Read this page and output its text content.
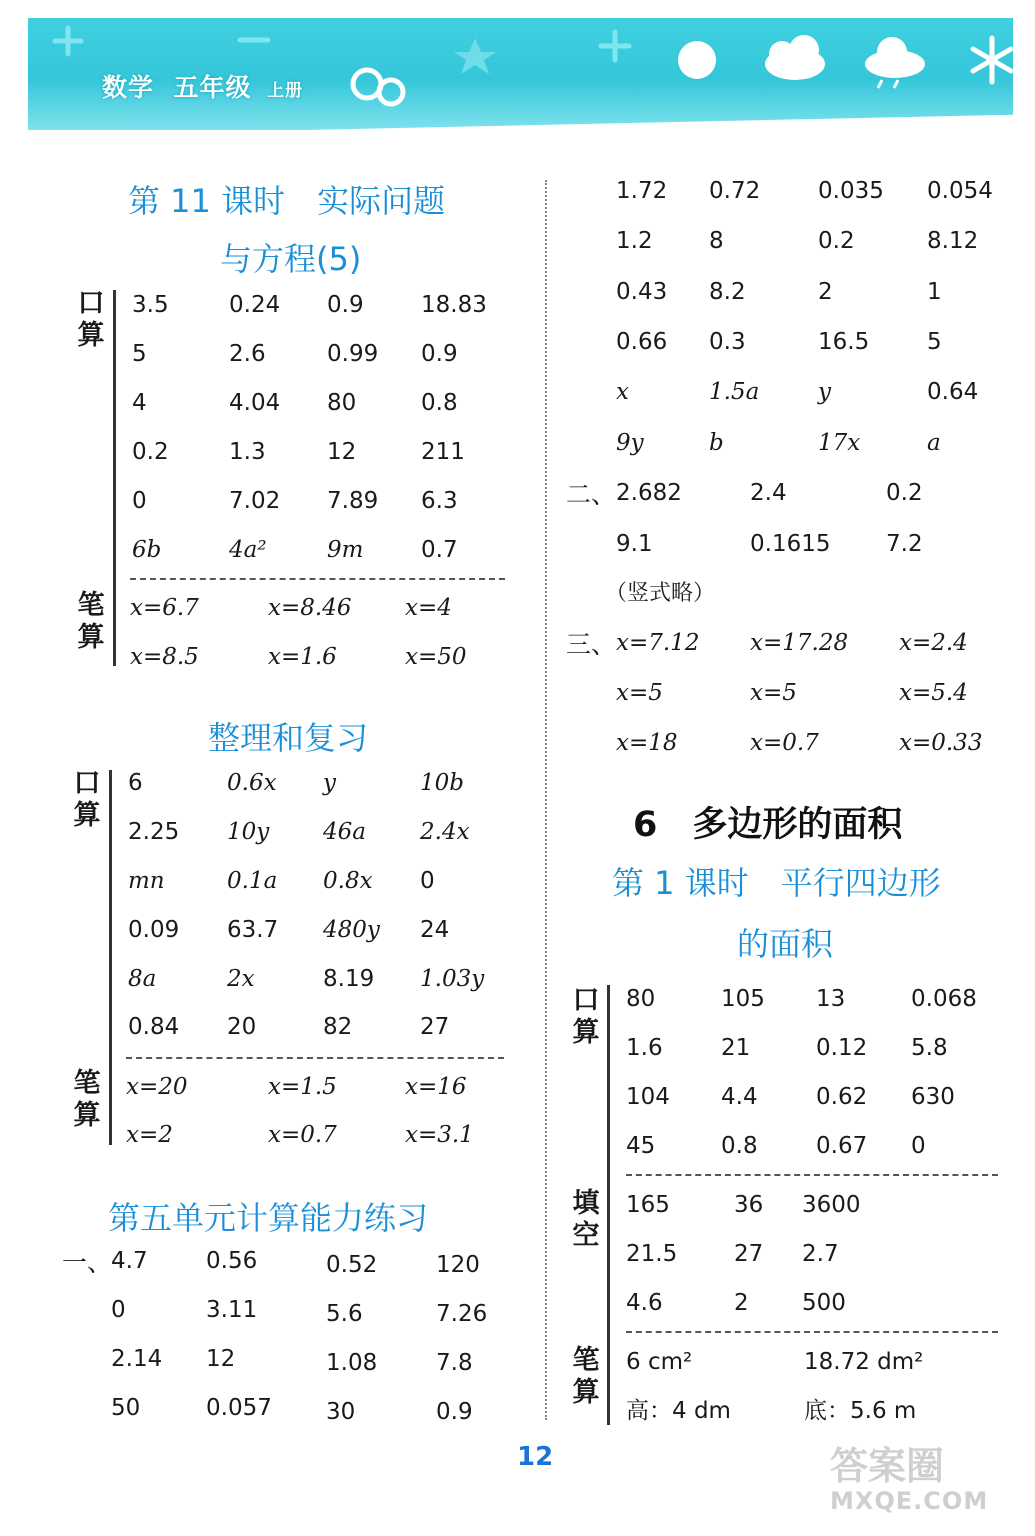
数学 五年级 上册
第 11 课时　实际问题
与方程(5)
口算
3.5	0.24 0.9 18.83
5	2.6	0.99 0.9
4	4.04 80	0.8
0.2	1.3	12	211
0	7.02 7.89 6.3
6b	4a²	9m	0.7
笔算
x=6.7	x=8.46 x=4
x=8.5	x=1.6	x=50
整理和复习
口算
6	0.6x y	10b
2.25 10y 46a 2.4x
mn	0.1a 0.8x 0
0.09 63.7 480y 24
8a	2x	8.19 1.03y
0.84 20	82	27
笔算
x=20	x=1.5	x=16
x=2	x=0.7	x=3.1
第五单元计算能力练习
一、
4.7	0.56	0.52	120
0	3.11	5.6	7.26
2.14 12	1.08	7.8
50	0.057 30	0.9
1.72 0.72	0.035 0.054
1.2 8	0.2	8.12
0.43 8.2	2	1
0.66 0.3	16.5	5
x	1.5a	y	0.64
9y	b	17x	a
二、 2.682	2.4	0.2
9.1	0.1615 7.2
（竖式略）
三、 x=7.12 x=17.28 x=2.4
x=5	x=5	x=5.4
x=18	x=0.7	x=0.33
6　多边形的面积
第 1 课时　平行四边形
的面积
口算
80	105 13	0.068
1.6	21	0.12 5.8
104 4.4	0.62 630
45	0.8	0.67 0
填空
165	36 3600
21.5 27 2.7
4.6	2 500
笔算
6 cm²	18.72 dm²
高：4 dm	底：5.6 m
12	答案圈
MXQE.COM
